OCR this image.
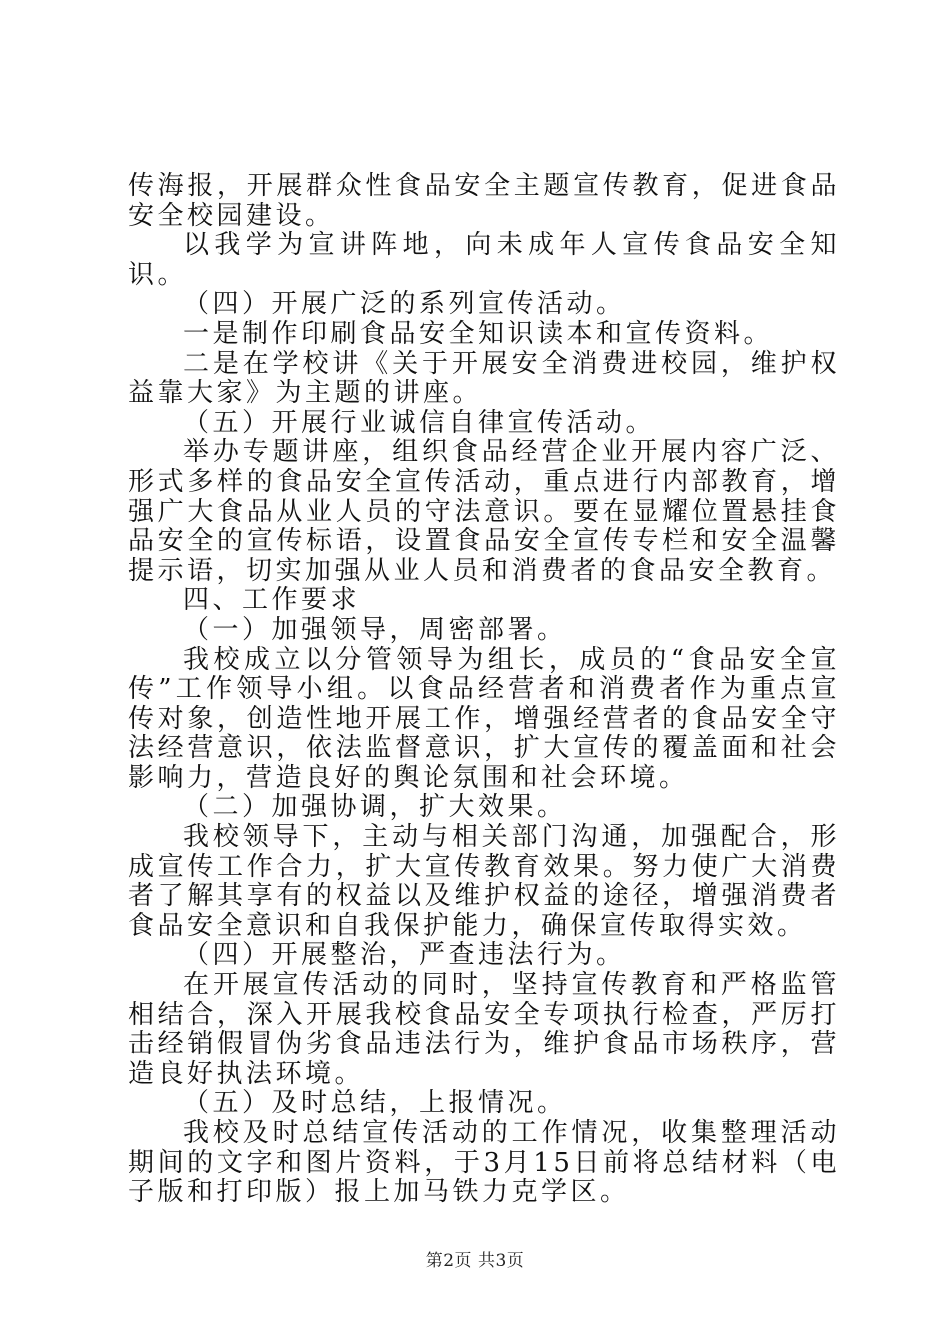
传海报，开展群众性食品安全主题宣传教育，促进食品安全校园建设。

以我学为宣讲阵地，向未成年人宣传食品安全知识。

（四）开展广泛的系列宣传活动。

一是制作印刷食品安全知识读本和宣传资料。

二是在学校讲《关于开展安全消费进校园，维护权益靠大家》为主题的讲座。

（五）开展行业诚信自律宣传活动。

举办专题讲座，组织食品经营企业开展内容广泛、形式多样的食品安全宣传活动，重点进行内部教育，增强广大食品从业人员的守法意识。要在显耀位置悬挂食品安全的宣传标语，设置食品安全宣传专栏和安全温馨提示语，切实加强从业人员和消费者的食品安全教育。

四、工作要求

（一）加强领导，周密部署。

我校成立以分管领导为组长，成员的“食品安全宣传”工作领导小组。以食品经营者和消费者作为重点宣传对象，创造性地开展工作，增强经营者的食品安全守法经营意识，依法监督意识，扩大宣传的覆盖面和社会影响力，营造良好的舆论氛围和社会环境。

（二）加强协调，扩大效果。

我校领导下，主动与相关部门沟通，加强配合，形成宣传工作合力，扩大宣传教育效果。努力使广大消费者了解其享有的权益以及维护权益的途径，增强消费者食品安全意识和自我保护能力，确保宣传取得实效。

（四）开展整治，严查违法行为。

在开展宣传活动的同时，坚持宣传教育和严格监管相结合，深入开展我校食品安全专项执行检查，严厉打击经销假冒伪劣食品违法行为，维护食品市场秩序，营造良好执法环境。

（五）及时总结，上报情况。

我校及时总结宣传活动的工作情况，收集整理活动期间的文字和图片资料，于3月15日前将总结材料（电子版和打印版）报上加马铁力克学区。

第2页 共3页
